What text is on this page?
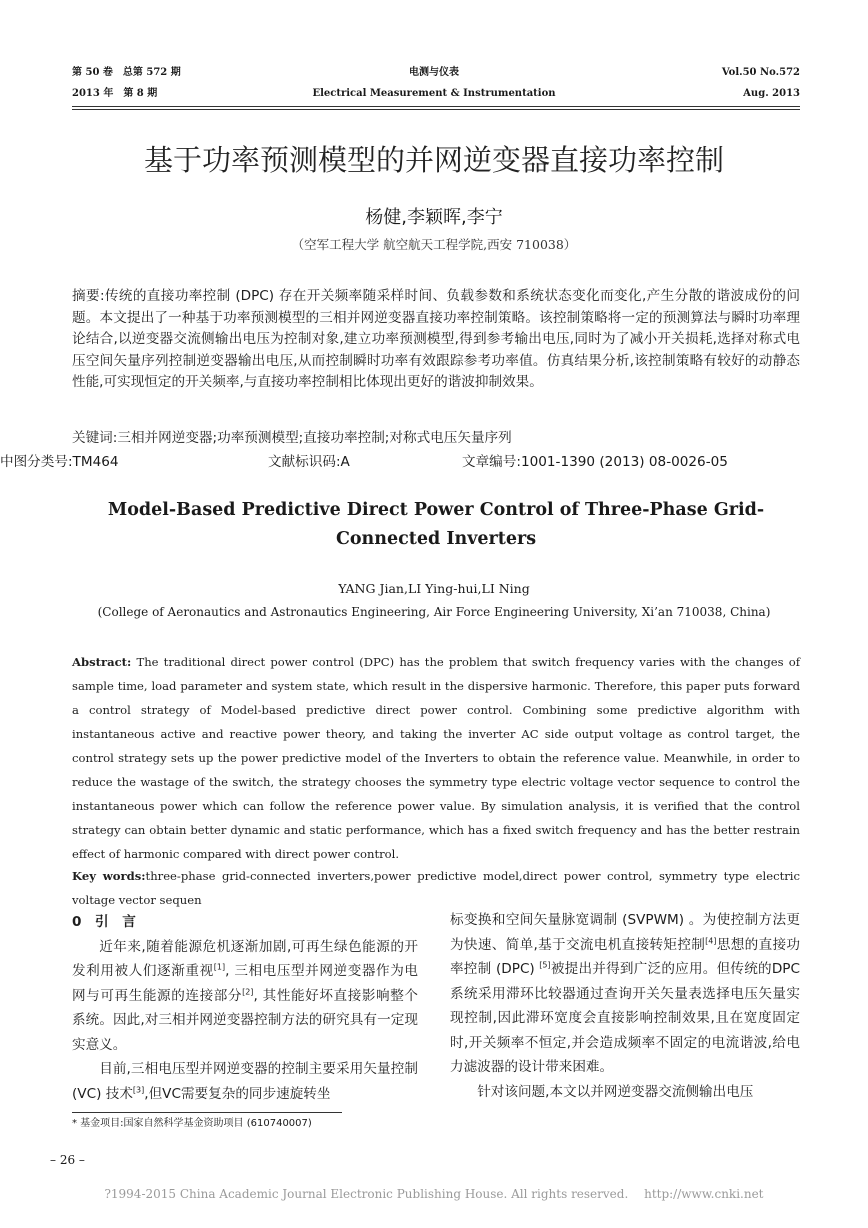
第 50 卷　总第 572 期
2013 年　第 8 期
电测与仪表
Electrical Measurement & Instrumentation
Vol.50 No.572
Aug. 2013
基于功率预测模型的并网逆变器直接功率控制
杨健,李颖晖,李宁
（空军工程大学 航空航天工程学院,西安 710038）
摘要:传统的直接功率控制 (DPC) 存在开关频率随采样时间、负载参数和系统状态变化而变化,产生分散的谐波成份的问题。本文提出了一种基于功率预测模型的三相并网逆变器直接功率控制策略。该控制策略将一定的预测算法与瞬时功率理论结合,以逆变器交流侧输出电压为控制对象,建立功率预测模型,得到参考输出电压,同时为了减小开关损耗,选择对称式电压空间矢量序列控制逆变器输出电压,从而控制瞬时功率有效跟踪参考功率值。仿真结果分析,该控制策略有较好的动静态性能,可实现恒定的开关频率,与直接功率控制相比体现出更好的谐波抑制效果。
关键词:三相并网逆变器;功率预测模型;直接功率控制;对称式电压矢量序列
中图分类号:TM464	文献标识码:A	文章编号:1001-1390 (2013) 08-0026-05
Model-Based Predictive Direct Power Control of Three-Phase Grid-Connected Inverters
YANG Jian,LI Ying-hui,LI Ning
(College of Aeronautics and Astronautics Engineering, Air Force Engineering University, Xi’an 710038, China)
Abstract: The traditional direct power control (DPC) has the problem that switch frequency varies with the changes of sample time, load parameter and system state, which result in the dispersive harmonic. Therefore, this paper puts forward a control strategy of Model-based predictive direct power control. Combining some predictive algorithm with instantaneous active and reactive power theory, and taking the inverter AC side output voltage as control target, the control strategy sets up the power predictive model of the Inverters to obtain the reference value. Meanwhile, in order to reduce the wastage of the switch, the strategy chooses the symmetry type electric voltage vector sequence to control the instantaneous power which can follow the reference power value. By simulation analysis, it is verified that the control strategy can obtain better dynamic and static performance, which has a fixed switch frequency and has the better restrain effect of harmonic compared with direct power control.
Key words:three-phase grid-connected inverters,power predictive model,direct power control, symmetry type electric voltage vector sequen

0　引　言

近年来,随着能源危机逐渐加剧,可再生绿色能源的开发利用被人们逐渐重视[1], 三相电压型并网逆变器作为电网与可再生能源的连接部分[2], 其性能好坏直接影响整个系统。因此,对三相并网逆变器控制方法的研究具有一定现实意义。

目前,三相电压型并网逆变器的控制主要采用矢量控制 (VC) 技术[3],但VC需要复杂的同步速旋转坐

标变换和空间矢量脉宽调制 (SVPWM) 。为使控制方法更为快速、简单,基于交流电机直接转矩控制[4]思想的直接功率控制 (DPC) [5]被提出并得到广泛的应用。但传统的DPC系统采用滞环比较器通过查询开关矢量表选择电压矢量实现控制,因此滞环宽度会直接影响控制效果,且在宽度固定时,开关频率不恒定,并会造成频率不固定的电流谐波,给电力滤波器的设计带来困难。

针对该问题,本文以并网逆变器交流侧输出电压

* 基金项目:国家自然科学基金资助项目 (610740007)
– 26 –
?1994-2015 China Academic Journal Electronic Publishing House. All rights reserved.　 http://www.cnki.net
